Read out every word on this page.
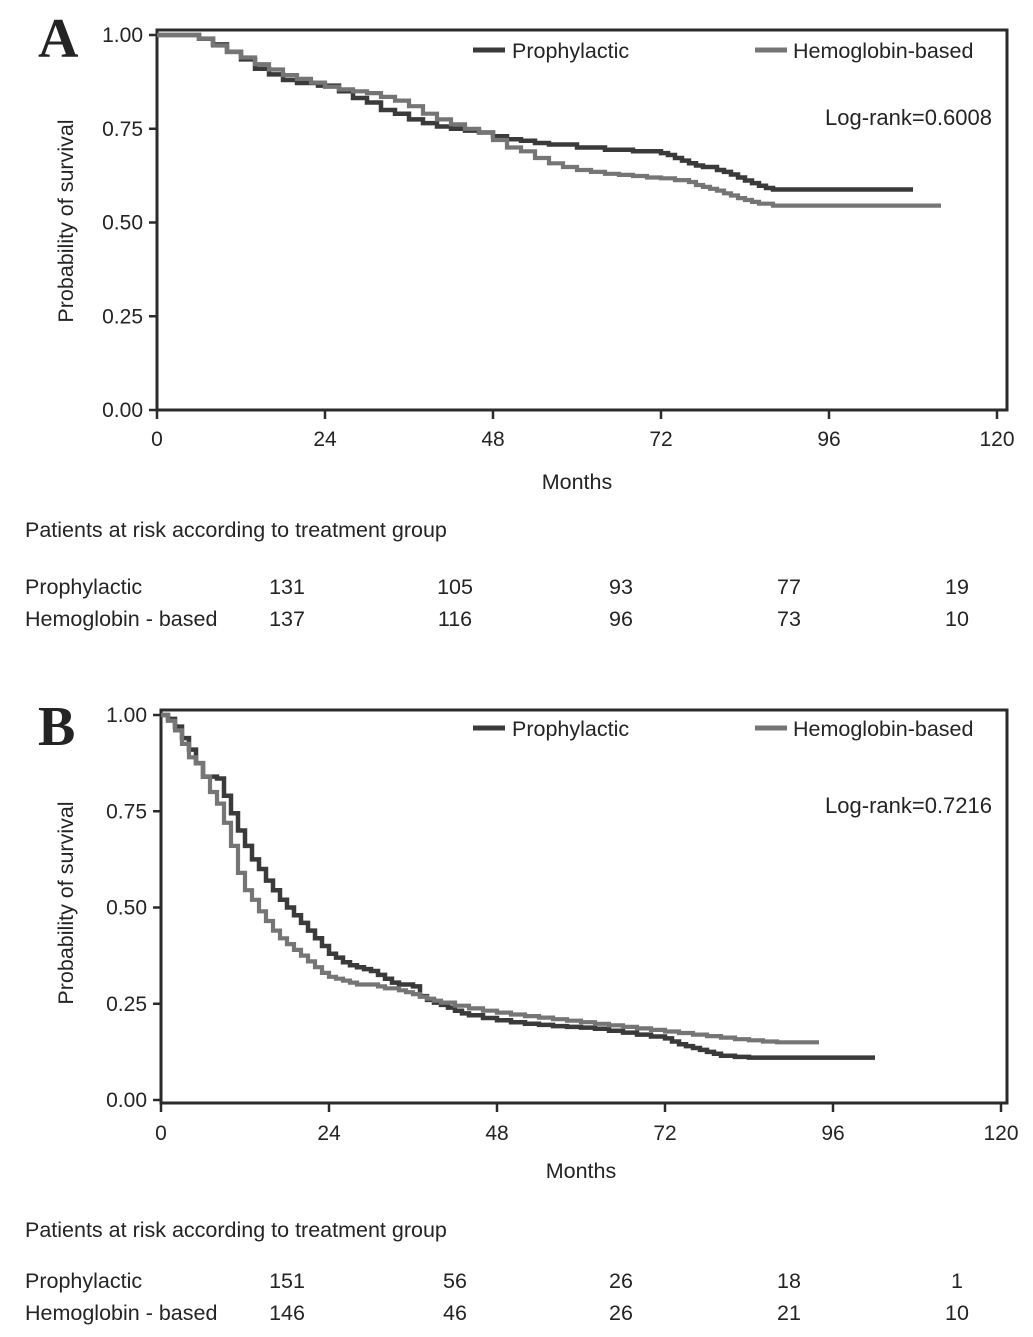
A 1.00
0.75
0.50
0.25
0.00
0	24	48	72	96	120
Months
Probability of survival
Prophylactic	Hemoglobin-based
Log-rank=0.6008
Patients at risk according to treatment group
Prophylactic	131	105	93	77	19
Hemoglobin - based 137	116	96	73	10
B 1.00
0.75
0.50
0.25
0.00
0	24	48	72	96	120
Months
Probability of survival
Prophylactic	Hemoglobin-based
Log-rank=0.7216
Patients at risk according to treatment group
Prophylactic	151	56	26	18	1
Hemoglobin - based 146	46	26	21	10
